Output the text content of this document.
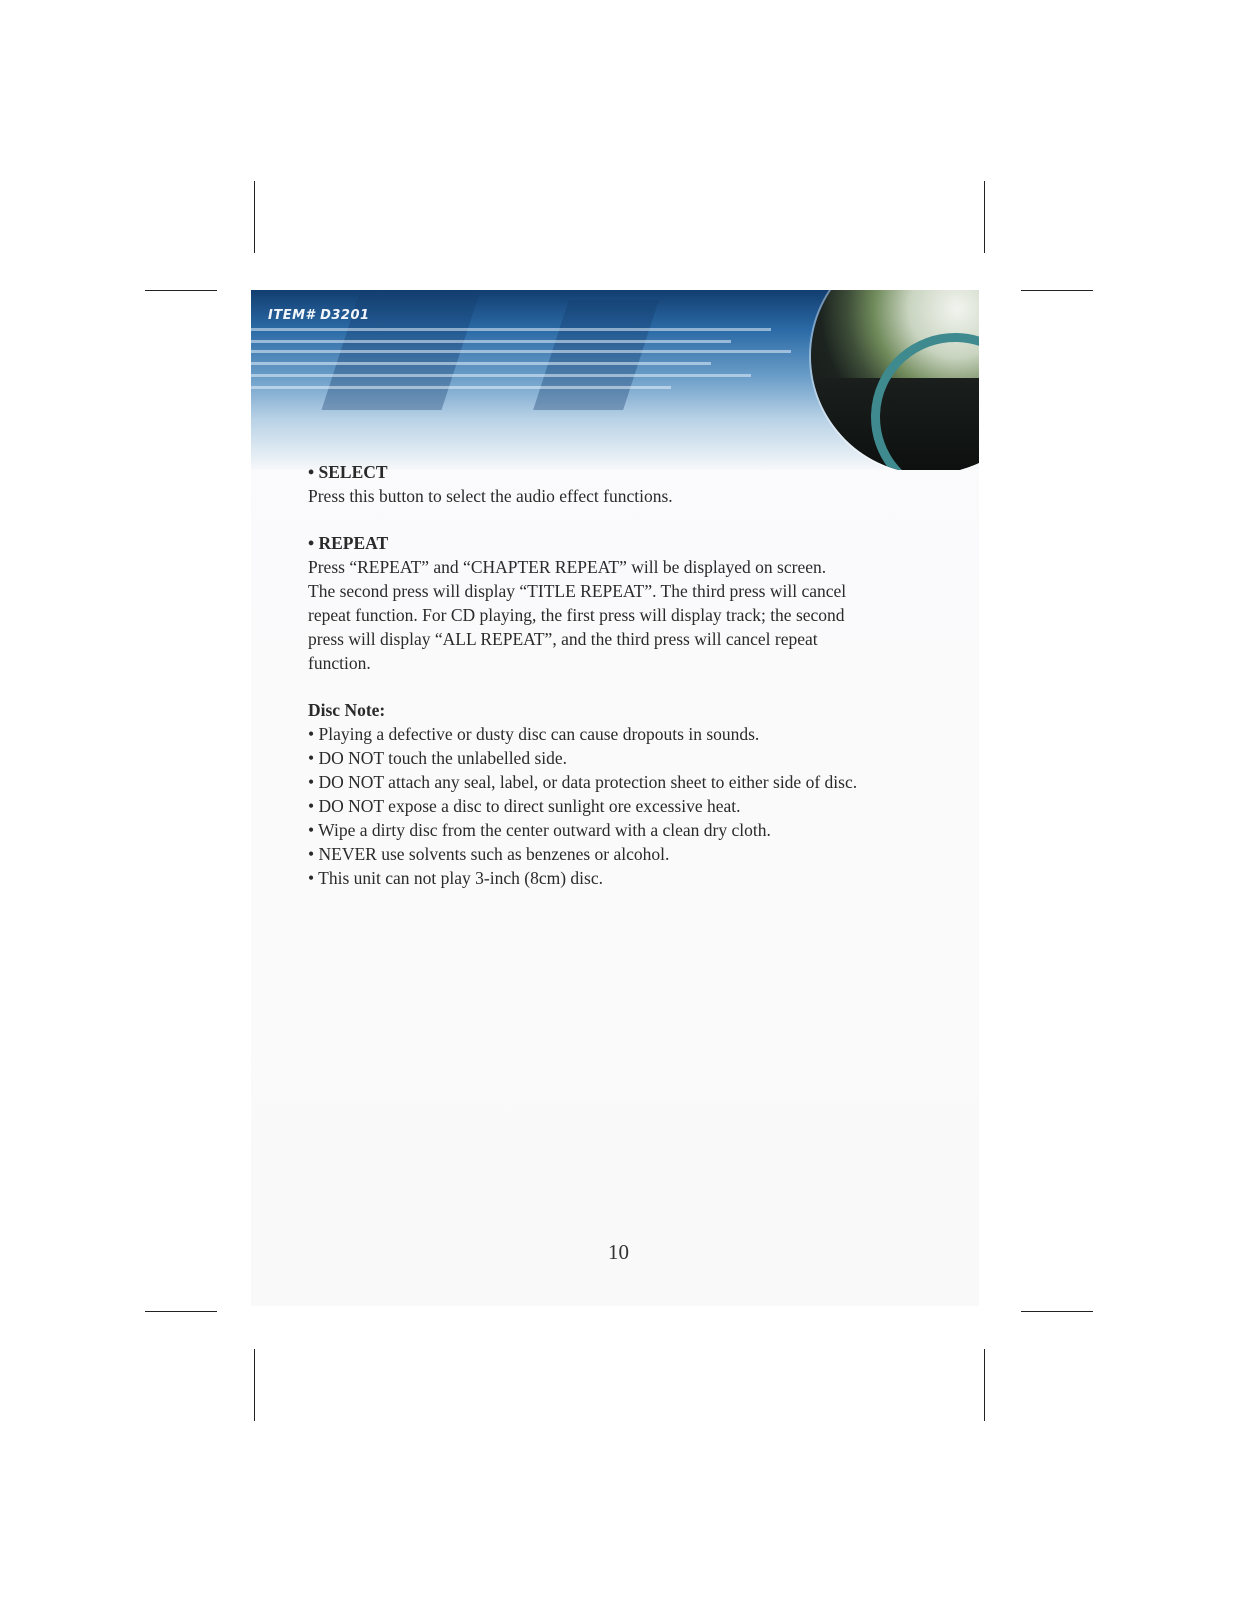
ITEM# D3201
• SELECT
Press this button to select the audio effect functions.
• REPEAT
Press “REPEAT” and “CHAPTER REPEAT” will be displayed on screen.
The second press will display “TITLE REPEAT”. The third press will cancel
repeat function. For CD playing, the first press will display track; the second
press will display “ALL REPEAT”, and the third press will cancel repeat
function.
Disc Note:
• Playing a defective or dusty disc can cause dropouts in sounds.
• DO NOT touch the unlabelled side.
• DO NOT attach any seal, label, or data protection sheet to either side of disc.
• DO NOT expose a disc to direct sunlight ore excessive heat.
• Wipe a dirty disc from the center outward with a clean dry cloth.
• NEVER use solvents such as benzenes or alcohol.
• This unit can not play 3-inch (8cm) disc.
10
